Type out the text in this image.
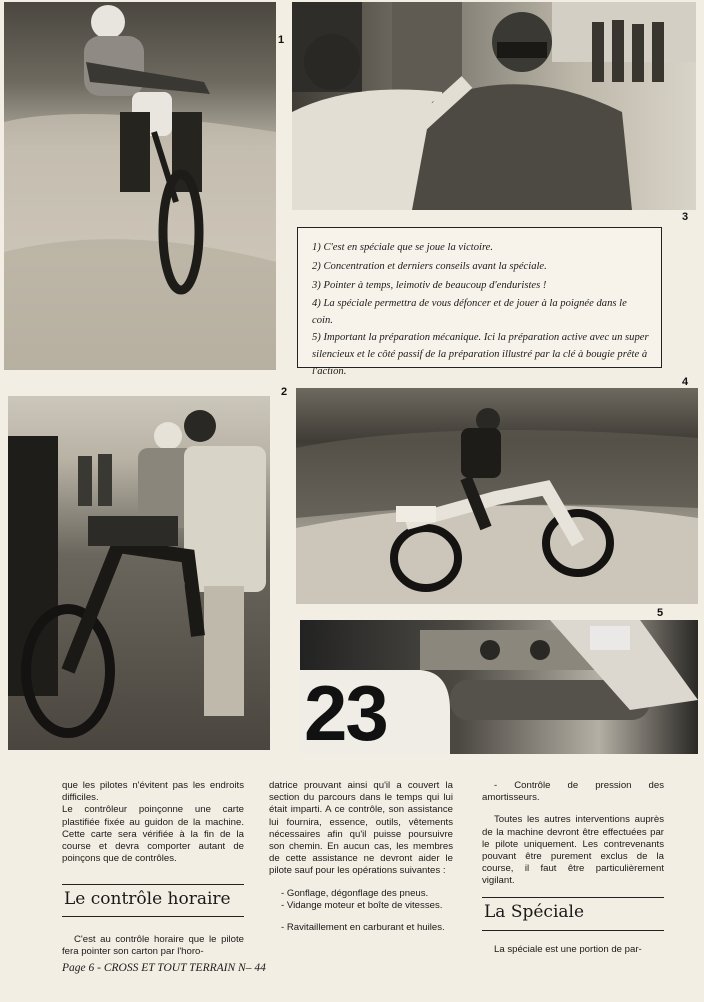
1
3

1) C'est en spéciale que se joue la victoire.

2) Concentration et derniers conseils avant la spéciale.

3) Pointer à temps, leimotiv de beaucoup d'enduristes !

4) La spéciale permettra de vous défoncer et de jouer à la poignée dans le coin.

5) Important la préparation mécanique. Ici la préparation active avec un super silencieux et le côté passif de la préparation illustré par la clé à bougie prête à l'action.

2
4
5
23

que les pilotes n'évitent pas les endroits difficiles.

Le contrôleur poinçonne une carte plastifiée fixée au guidon de la machine. Cette carte sera vérifiée à la fin de la course et devra comporter autant de poinçons que de contrôles.

Le contrôle horaire

C'est au contrôle horaire que le pilote fera pointer son carton par l'horo-

datrice prouvant ainsi qu'il a couvert la section du parcours dans le temps qui lui était imparti. A ce contrôle, son assistance lui fournira, essence, outils, vêtements nécessaires afin qu'il puisse poursuivre son chemin. En aucun cas, les membres de cette assistance ne devront aider le pilote sauf pour les opérations suivantes :

- Gonflage, dégonflage des pneus.

- Vidange moteur et boîte de vitesses.

- Ravitaillement en carburant et huiles.

- Contrôle de pression des amortisseurs.

Toutes les autres interventions auprès de la machine devront être effectuées par le pilote uniquement. Les contrevenants pouvant être purement exclus de la course, il faut être particulièrement vigilant.

La Spéciale

La spéciale est une portion de par-

Page 6 - CROSS ET TOUT TERRAIN N– 44
